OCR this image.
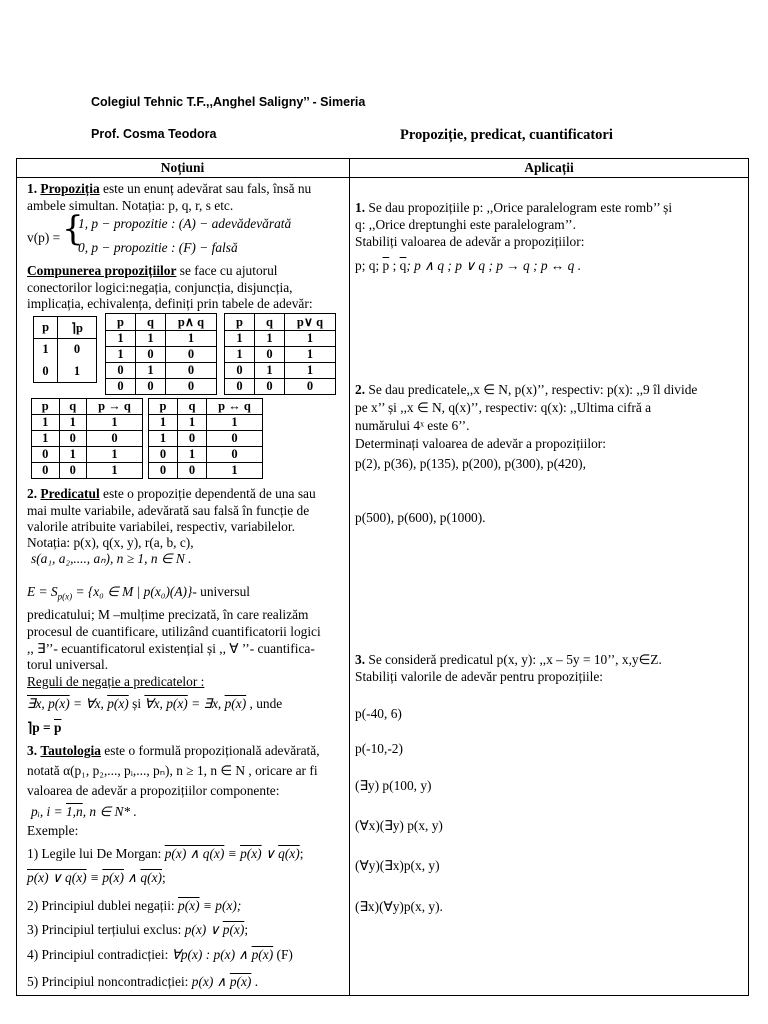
Colegiul Tehnic T.F.,,Anghel Saligny’’ - Simeria
Prof. Cosma Teodora	Propoziție, predicat, cuantificatori
Noțiuni	Aplicații
1. Propoziția este un enunț adevărat sau fals, însă nu
ambele simultan. Notația: p, q, r, s etc.
v(p) = {
1, p − propozitie : (A) − adevădevărată
0, p − propozitie : (F) − falsă
Compunerea propozițiilor se face cu ajutorul
conectorilor logici:negația, conjuncția, disjuncția,
implicația, echivalența, definiți prin tabele de adevăr:
p	⌉p
1	0
0	1
p	q	p∧ q
1	1	1
1	0	0
0	1	0
0	0	0
p	q	p∨ q
1	1	1
1	0	1
0	1	1
0	0	0
p	q	p → q
1	1	1
1	0	0
0	1	1
0	0	1
p	q	p ↔ q
1	1	1
1	0	0
0	1	0
0	0	1
2. Predicatul este o propoziție dependentă de una sau
mai multe variabile, adevărată sau falsă în funcție de
valorile atribuite variabilei, respectiv, variabilelor.
Notația: p(x), q(x, y), r(a, b, c),
s(a₁, a₂,...., aₙ), n ≥ 1, n ∈ N .
$E = S_{p(x)} = \{x_0$ ∈ M | p(x₀)(A)}- universul
predicatului; M –mulțime precizată, în care realizăm
procesul de cuantificare, utilizând cuantificatorii logici
,, ∃’’- ecuantificatorul existențial și ,, ∀ ’’- cuantifica-
torul universal.
Reguli de negație a predicatelor :
∃x, p(x) = ∀x, p(x) și ∀x, p(x) = ∃x, p(x) , unde
⌉p = $\overline{p}$
3. Tautologia este o formulă propozițională adevărată,
notată α(p₁, p₂,..., pᵢ,..., pₙ), n ≥ 1, n ∈ N , oricare ar fi
valoarea de adevăr a propozițiilor componente:
pᵢ, i = 1,n, n ∈ N* .
Exemple:
1) Legile lui De Morgan: p(x) ∧ q(x) ≡ p(x) ∨ q(x);
p(x) ∨ q(x) ≡ p(x) ∧ q(x);
2) Principiul dublei negații: p(x) ≡ p(x);
3) Principiul terțiului exclus: p(x) ∨ p(x);
4) Principiul contradicției: ∀p(x) : p(x) ∧ p(x) (F)
5) Principiul noncontradicției: p(x) ∧ p(x) .
1. Se dau propozițiile p: ,,Orice paralelogram este romb’’ și
q: ,,Orice dreptunghi este paralelogram’’.
Stabiliți valoarea de adevăr a propozițiilor:
p; q; $\overline{p}$ ; $\overline{q}$; p ∧ q ; p ∨ q ; p → q ; p ↔ q .
2. Se dau predicatele,,x ∈ N, p(x)’’, respectiv: p(x): ,,9 îl divide
pe x’’ și ,,x ∈ N, q(x)’’, respectiv: q(x): ,,Ultima cifră a
numărului 4ˣ este 6’’.
Determinați valoarea de adevăr a propozițiilor:
p(2), p(36), p(135), p(200), p(300), p(420),
p(500), p(600), p(1000).
3. Se consideră predicatul p(x, y): ,,x – 5y = 10’’, x,y∈Z.
Stabiliți valorile de adevăr pentru propozițiile:
p(-40, 6)
p(-10,-2)
(∃y) p(100, y)
(∀x)(∃y) p(x, y)
(∀y)(∃x)p(x, y)
(∃x)(∀y)p(x, y).
